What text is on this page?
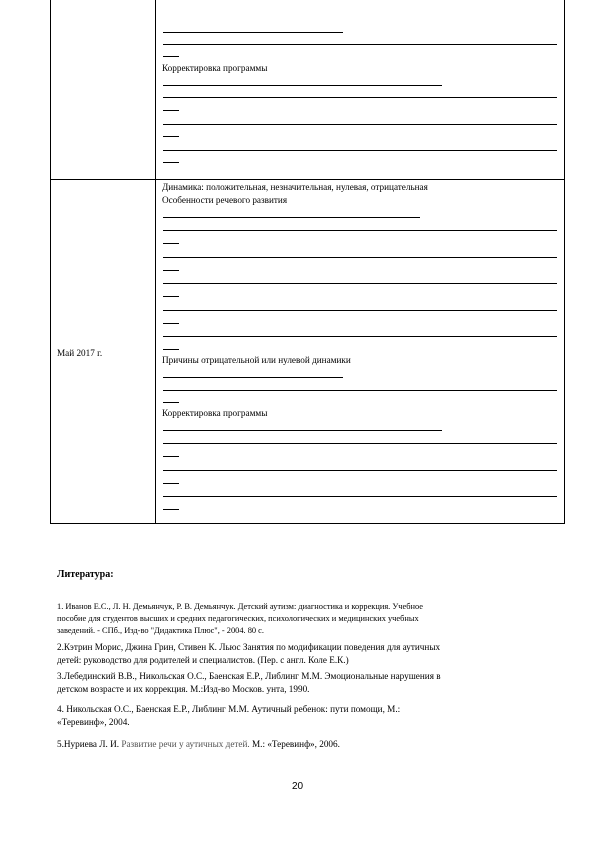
Корректировка программы
Май 2017 г.
Динамика: положительная, незначительная, нулевая, отрицательная
Особенности речевого развития
Причины отрицательной или нулевой динамики
Корректировка программы
Литература:
1. Иванов Е.С., Л. Н. Демьянчук, Р. В. Демьянчук. Детский аутизм: диагностика и коррекция. Учебное
пособие для студентов высших и средних педагогических, психологических и медицинских учебных
заведений. - СПб., Изд-во "Дидактика Плюс", - 2004. 80 с.
2.Кэтрин Морис, Джина Грин, Стивен К. Льюс Занятия по модификации поведения для аутичных
детей: руководство для родителей и специалистов. (Пер. с англ. Коле Е.К.)
3.Лебединский В.В., Никольская О.С., Баенская Е.Р., Либлинг М.М. Эмоциональные нарушения в
детском возрасте и их коррекция. М.:Изд-во Москов. унта, 1990.
4. Никольская О.С., Баенская Е.Р., Либлинг М.М. Аутичный ребенок: пути помощи, М.:
«Теревинф», 2004.
5.Нуриева Л. И. Развитие речи у аутичных детей. М.: «Теревинф», 2006.
20
